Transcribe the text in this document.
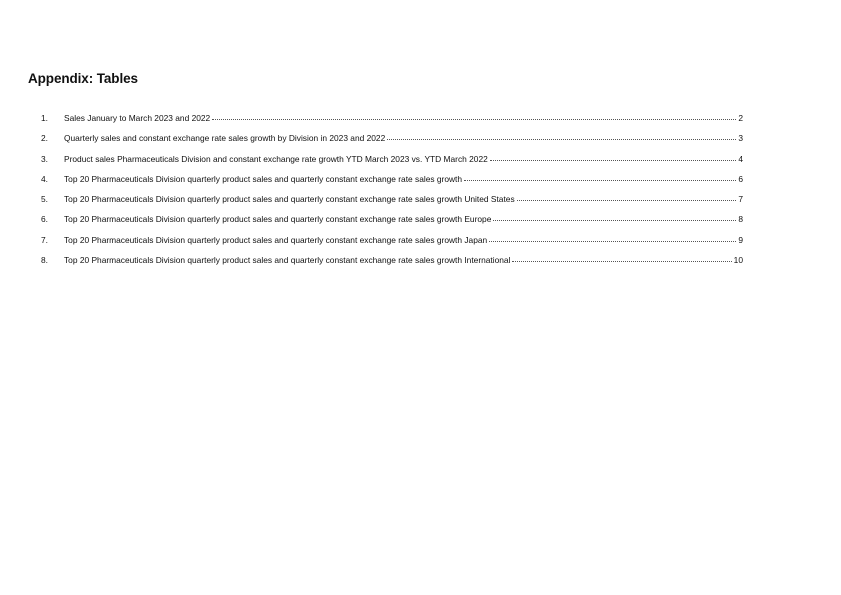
Appendix: Tables
1.	Sales January to March 2023 and 2022	2
2.	Quarterly sales and constant exchange rate sales growth by Division in 2023 and 2022	3
3.	Product sales Pharmaceuticals Division and constant exchange rate growth YTD March 2023 vs. YTD March 2022	4
4.	Top 20 Pharmaceuticals Division quarterly product sales and quarterly constant exchange rate sales growth	6
5.	Top 20 Pharmaceuticals Division quarterly product sales and quarterly constant exchange rate sales growth United States	7
6.	Top 20 Pharmaceuticals Division quarterly product sales and quarterly constant exchange rate sales growth Europe	8
7.	Top 20 Pharmaceuticals Division quarterly product sales and quarterly constant exchange rate sales growth Japan	9
8.	Top 20 Pharmaceuticals Division quarterly product sales and quarterly constant exchange rate sales growth International	10
